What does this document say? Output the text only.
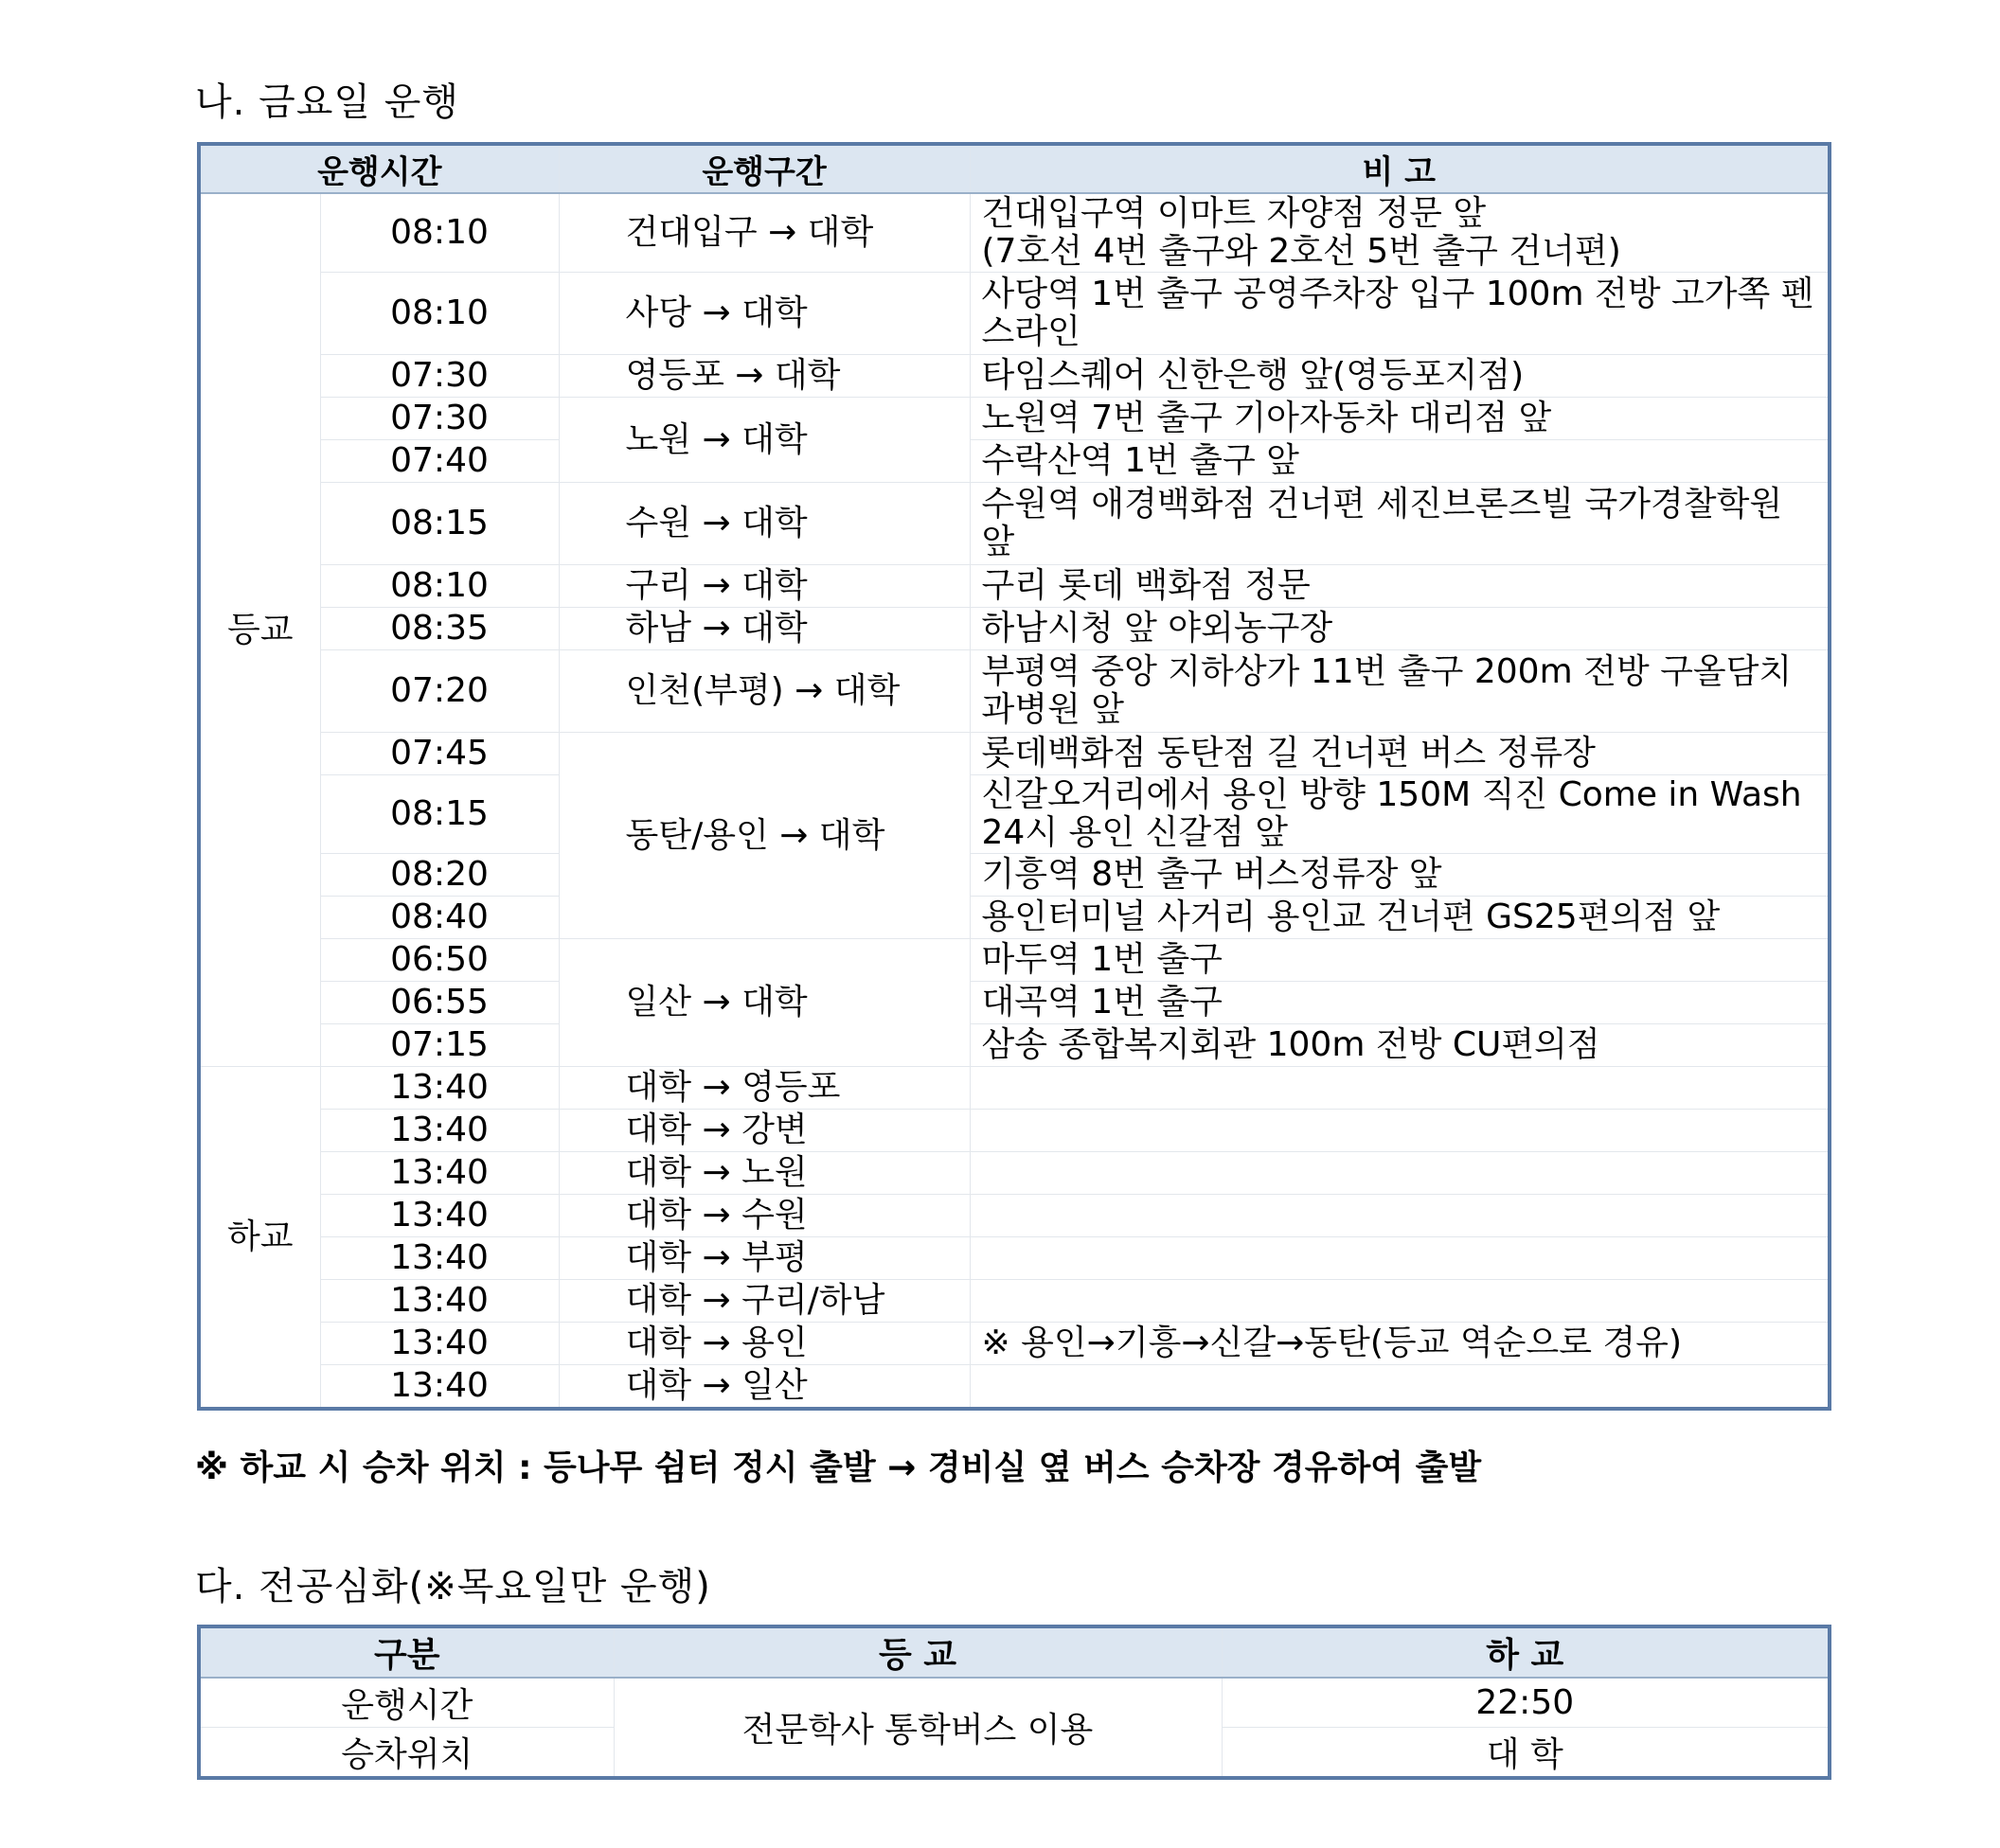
나. 금요일 운행
운행시간		운행구간	비 고
등교	08:10	건대입구 → 대학	건대입구역 이마트 자양점 정문 앞
(7호선 4번 출구와 2호선 5번 출구 건너편)
	08:10	사당 → 대학	사당역 1번 출구 공영주차장 입구 100m 전방 고가쪽 펜스라인
	07:30	영등포 → 대학	타임스퀘어 신한은행 앞(영등포지점)
	07:30	노원 → 대학	노원역 7번 출구 기아자동차 대리점 앞
	07:40		수락산역 1번 출구 앞
	08:15	수원 → 대학	수원역 애경백화점 건너편 세진브론즈빌 국가경찰학원 앞
	08:10	구리 → 대학	구리 롯데 백화점 정문
	08:35	하남 → 대학	하남시청 앞 야외농구장
	07:20	인천(부평) → 대학	부평역 중앙 지하상가 11번 출구 200m 전방 구올담치과병원 앞
	07:45	동탄/용인 → 대학	롯데백화점 동탄점 길 건너편 버스 정류장
	08:15		신갈오거리에서 용인 방향 150M 직진 Come in Wash 24시 용인 신갈점 앞
	08:20		기흥역 8번 출구 버스정류장 앞
	08:40		용인터미널 사거리 용인교 건너편 GS25편의점 앞
	06:50	일산 → 대학	마두역 1번 출구
	06:55		대곡역 1번 출구
	07:15		삼송 종합복지회관 100m 전방 CU편의점
하교	13:40	대학 → 영등포	
	13:40	대학 → 강변	
	13:40	대학 → 노원	
	13:40	대학 → 수원	
	13:40	대학 → 부평	
	13:40	대학 → 구리/하남	
	13:40	대학 → 용인	※ 용인→기흥→신갈→동탄(등교 역순으로 경유)
	13:40	대학 → 일산	
※ 하교 시 승차 위치 : 등나무 쉼터 정시 출발 → 경비실 옆 버스 승차장 경유하여 출발
다. 전공심화(※목요일만 운행)
구분	등 교	하 교
운행시간	전문학사 통학버스 이용	22:50
승차위치		대 학
